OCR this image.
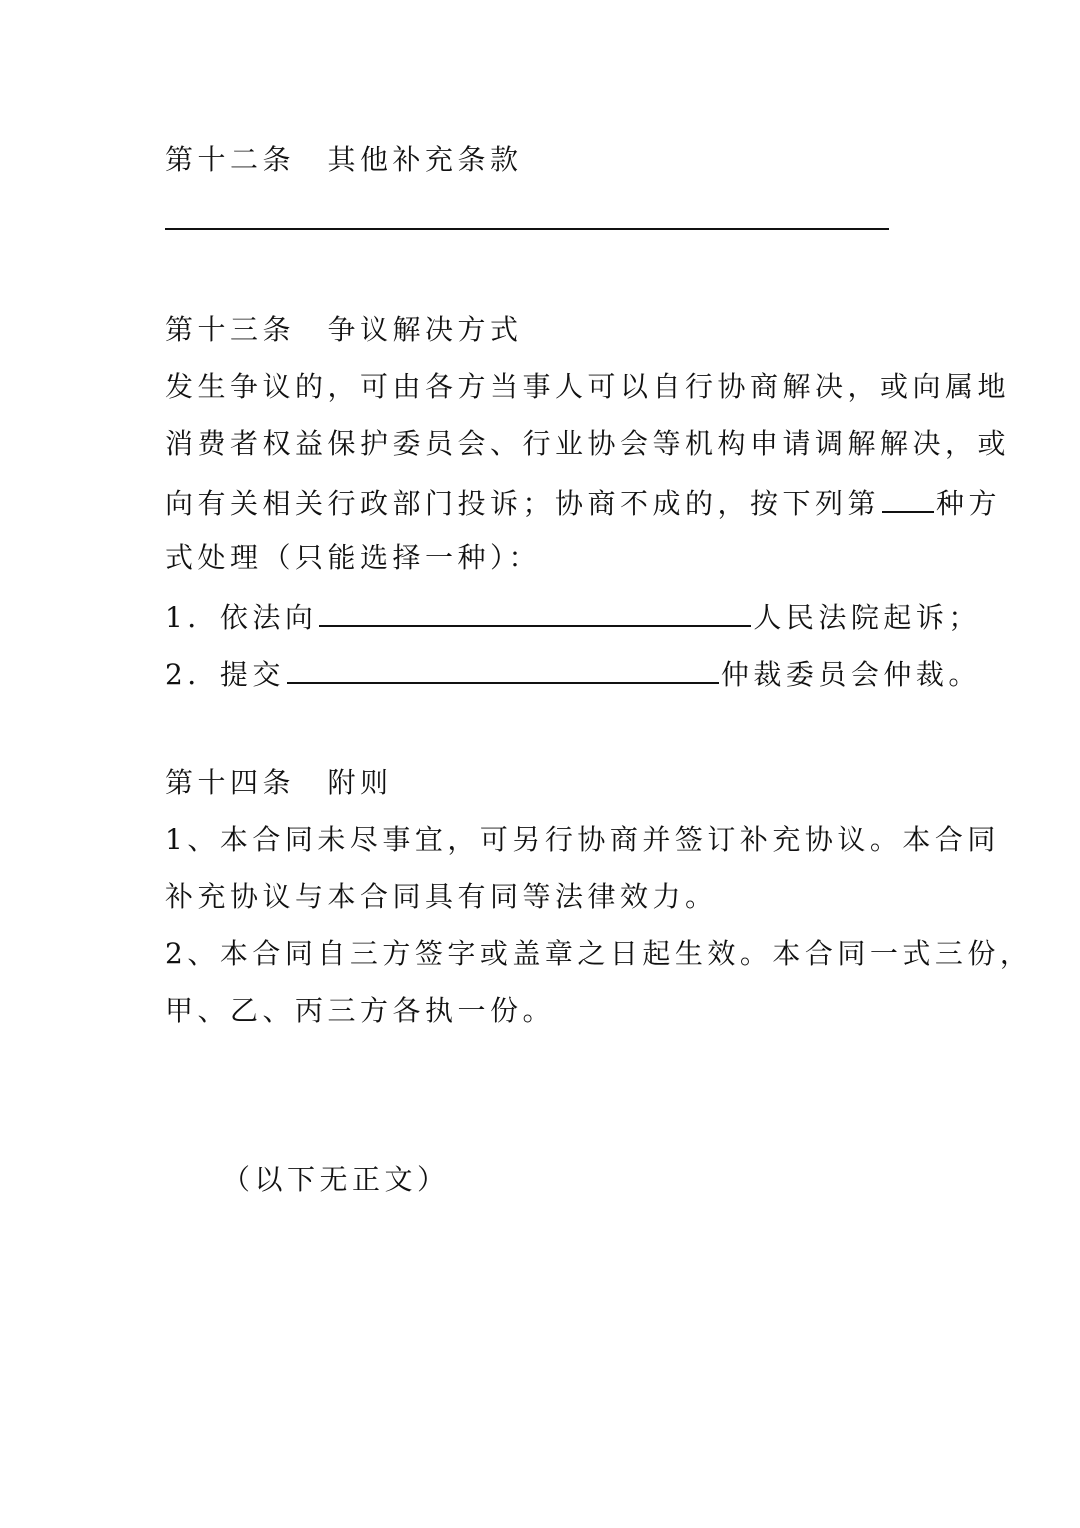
第十二条　其他补充条款
第十三条　争议解决方式
发生争议的，可由各方当事人可以自行协商解决，或向属地
消费者权益保护委员会、行业协会等机构申请调解解决，或
向有关相关行政部门投诉；协商不成的，按下列第 种方
式处理（只能选择一种）：
1．依法向	人民法院起诉；
2．提交	仲裁委员会仲裁。
第十四条　附则
1、本合同未尽事宜，可另行协商并签订补充协议。本合同
补充协议与本合同具有同等法律效力。
2、本合同自三方签字或盖章之日起生效。本合同一式三份，
甲、乙、丙三方各执一份。
（以下无正文）
